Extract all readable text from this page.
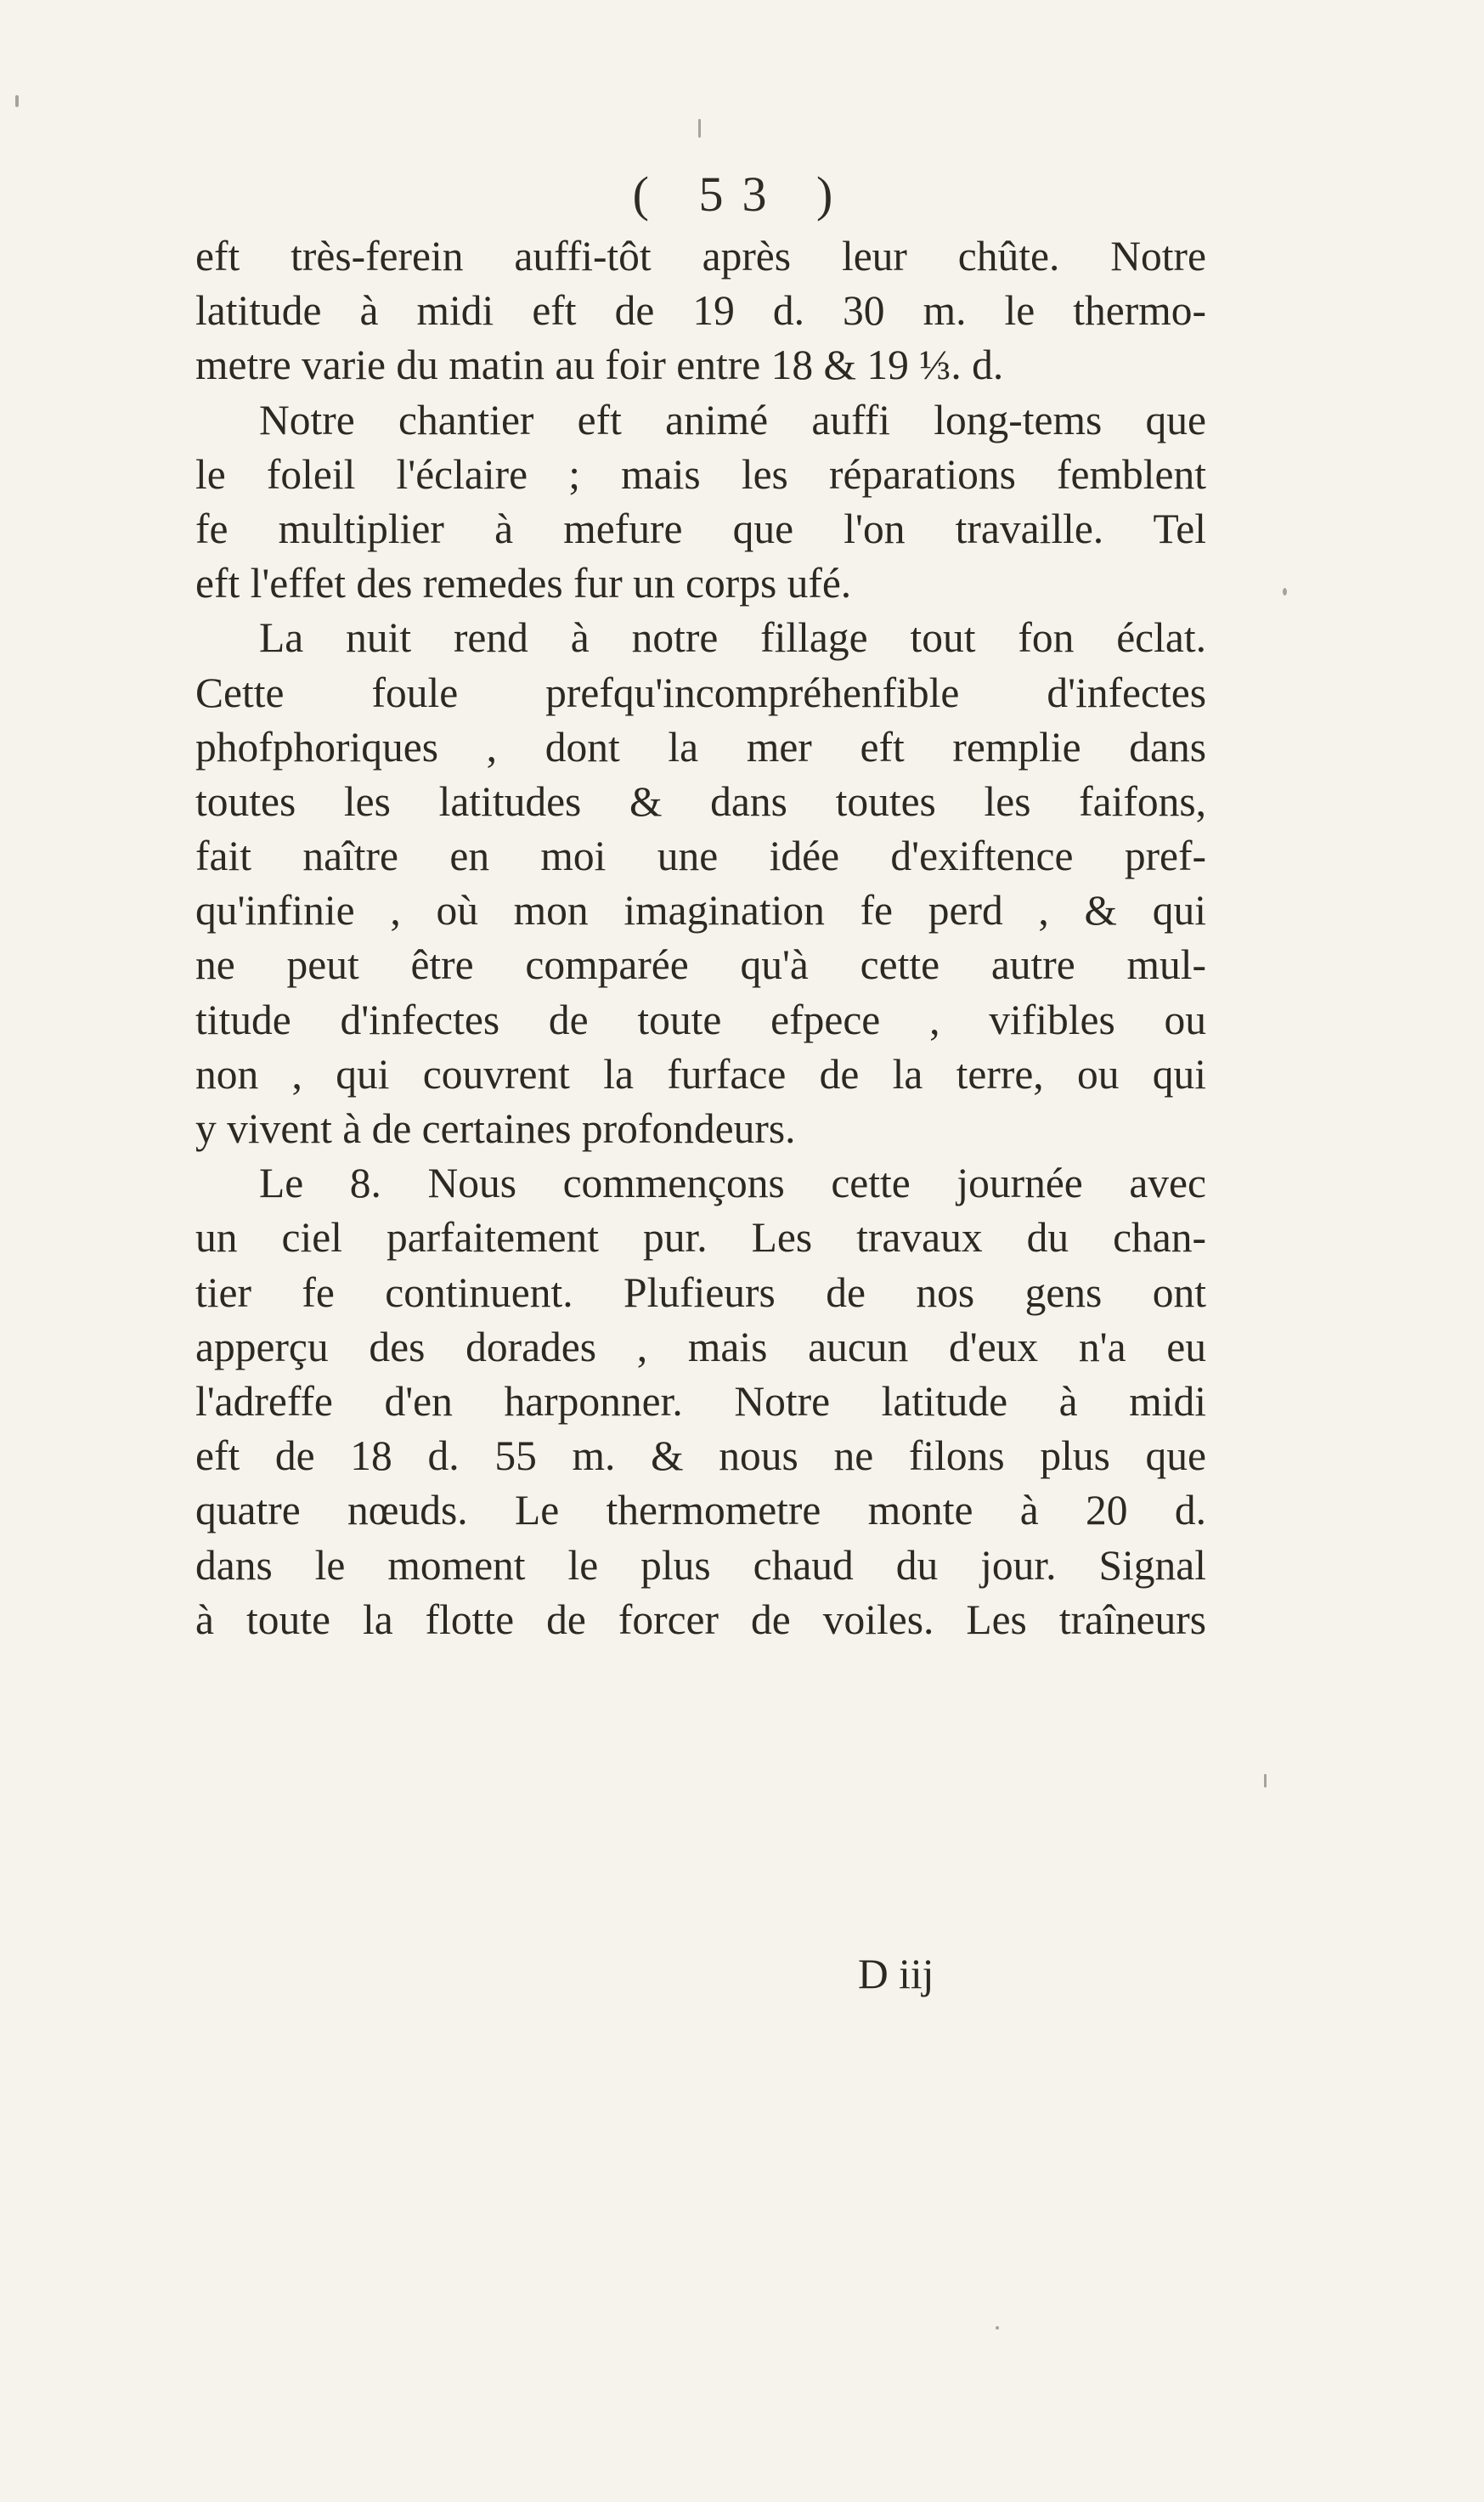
( 53 )
eft très-ferein auffi-tôt après leur chûte. Notre
latitude à midi eft de 19 d. 30 m. le thermo-
metre varie du matin au foir entre 18 & 19 ⅓. d.
Notre chantier eft animé auffi long-tems que
le foleil l'éclaire ; mais les réparations femblent
fe multiplier à mefure que l'on travaille. Tel
eft l'effet des remedes fur un corps ufé.
La nuit rend à notre fillage tout fon éclat.
Cette foule prefqu'incompréhenfible d'infectes
phofphoriques , dont la mer eft remplie dans
toutes les latitudes & dans toutes les faifons,
fait naître en moi une idée d'exiftence pref-
qu'infinie , où mon imagination fe perd , & qui
ne peut être comparée qu'à cette autre mul-
titude d'infectes de toute efpece , vifibles ou
non , qui couvrent la furface de la terre, ou qui
y vivent à de certaines profondeurs.
Le 8. Nous commençons cette journée avec
un ciel parfaitement pur. Les travaux du chan-
tier fe continuent. Plufieurs de nos gens ont
apperçu des dorades , mais aucun d'eux n'a eu
l'adreffe d'en harponner. Notre latitude à midi
eft de 18 d. 55 m. & nous ne filons plus que
quatre nœuds. Le thermometre monte à 20 d.
dans le moment le plus chaud du jour. Signal
à toute la flotte de forcer de voiles. Les traîneurs
D iij
